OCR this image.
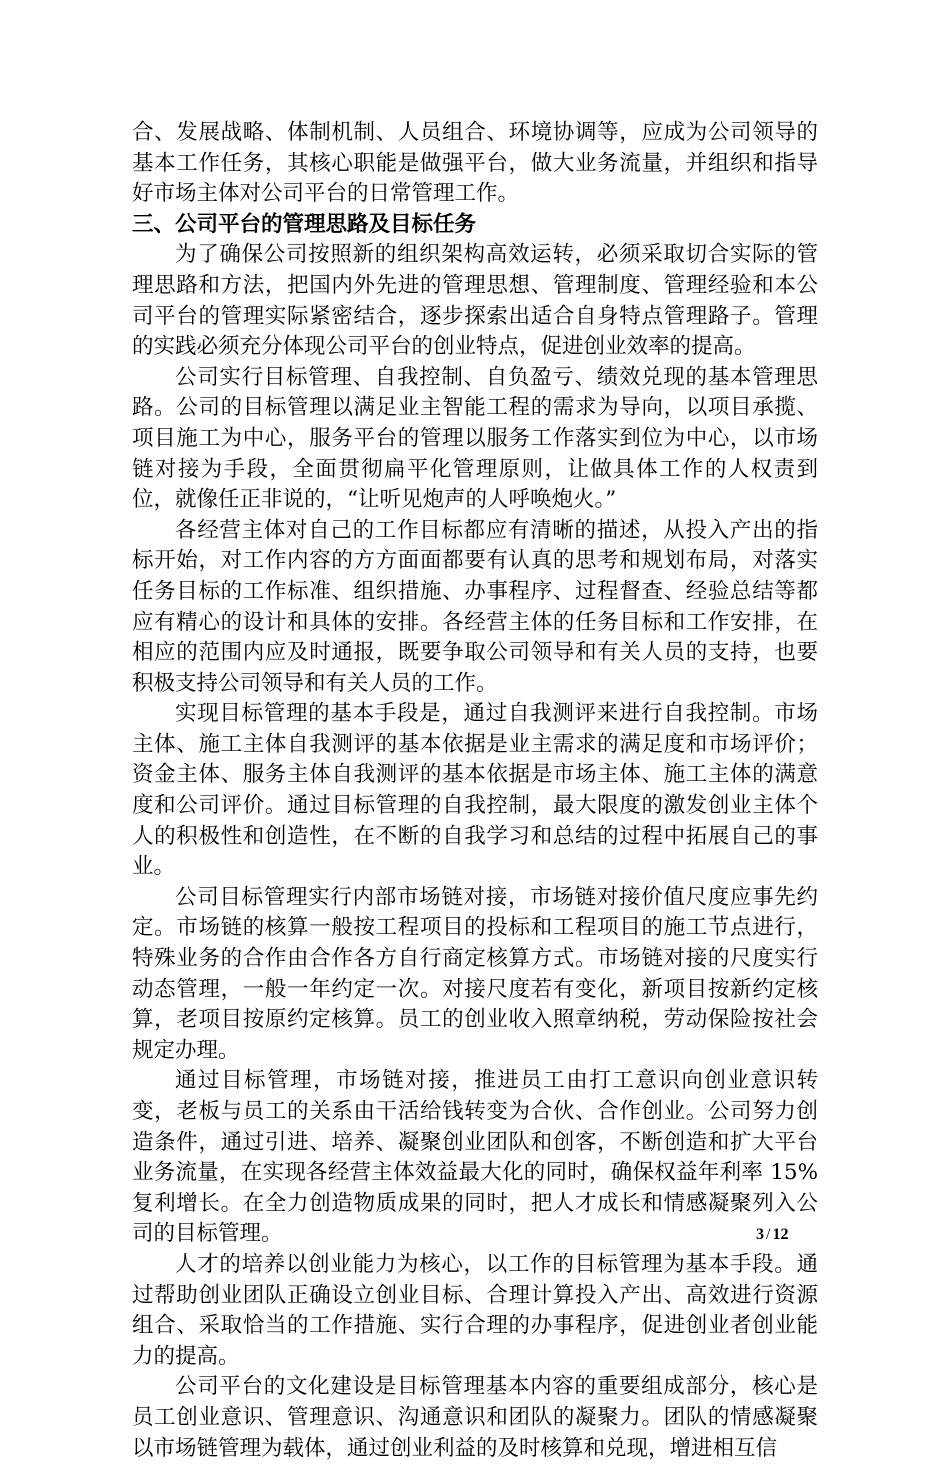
合、发展战略、体制机制、人员组合、环境协调等，应成为公司领导的基本工作任务，其核心职能是做强平台，做大业务流量，并组织和指导好市场主体对公司平台的日常管理工作。

三、公司平台的管理思路及目标任务

为了确保公司按照新的组织架构高效运转，必须采取切合实际的管理思路和方法，把国内外先进的管理思想、管理制度、管理经验和本公司平台的管理实际紧密结合，逐步探索出适合自身特点管理路子。管理的实践必须充分体现公司平台的创业特点，促进创业效率的提高。

公司实行目标管理、自我控制、自负盈亏、绩效兑现的基本管理思路。公司的目标管理以满足业主智能工程的需求为导向，以项目承揽、项目施工为中心，服务平台的管理以服务工作落实到位为中心，以市场链对接为手段，全面贯彻扁平化管理原则，让做具体工作的人权责到位，就像任正非说的，“让听见炮声的人呼唤炮火。”

各经营主体对自己的工作目标都应有清晰的描述，从投入产出的指标开始，对工作内容的方方面面都要有认真的思考和规划布局，对落实任务目标的工作标准、组织措施、办事程序、过程督查、经验总结等都应有精心的设计和具体的安排。各经营主体的任务目标和工作安排，在相应的范围内应及时通报，既要争取公司领导和有关人员的支持，也要积极支持公司领导和有关人员的工作。

实现目标管理的基本手段是，通过自我测评来进行自我控制。市场主体、施工主体自我测评的基本依据是业主需求的满足度和市场评价；资金主体、服务主体自我测评的基本依据是市场主体、施工主体的满意度和公司评价。通过目标管理的自我控制，最大限度的激发创业主体个人的积极性和创造性，在不断的自我学习和总结的过程中拓展自己的事业。

公司目标管理实行内部市场链对接，市场链对接价值尺度应事先约定。市场链的核算一般按工程项目的投标和工程项目的施工节点进行，特殊业务的合作由合作各方自行商定核算方式。市场链对接的尺度实行动态管理，一般一年约定一次。对接尺度若有变化，新项目按新约定核算，老项目按原约定核算。员工的创业收入照章纳税，劳动保险按社会规定办理。

通过目标管理，市场链对接，推进员工由打工意识向创业意识转变，老板与员工的关系由干活给钱转变为合伙、合作创业。公司努力创造条件，通过引进、培养、凝聚创业团队和创客，不断创造和扩大平台业务流量，在实现各经营主体效益最大化的同时，确保权益年利率 15%复利增长。在全力创造物质成果的同时，把人才成长和情感凝聚列入公司的目标管理。

人才的培养以创业能力为核心，以工作的目标管理为基本手段。通过帮助创业团队正确设立创业目标、合理计算投入产出、高效进行资源组合、采取恰当的工作措施、实行合理的办事程序，促进创业者创业能力的提高。

公司平台的文化建设是目标管理基本内容的重要组成部分，核心是员工创业意识、管理意识、沟通意识和团队的凝聚力。团队的情感凝聚以市场链管理为载体，通过创业利益的及时核算和兑现，增进相互信

3 / 12
